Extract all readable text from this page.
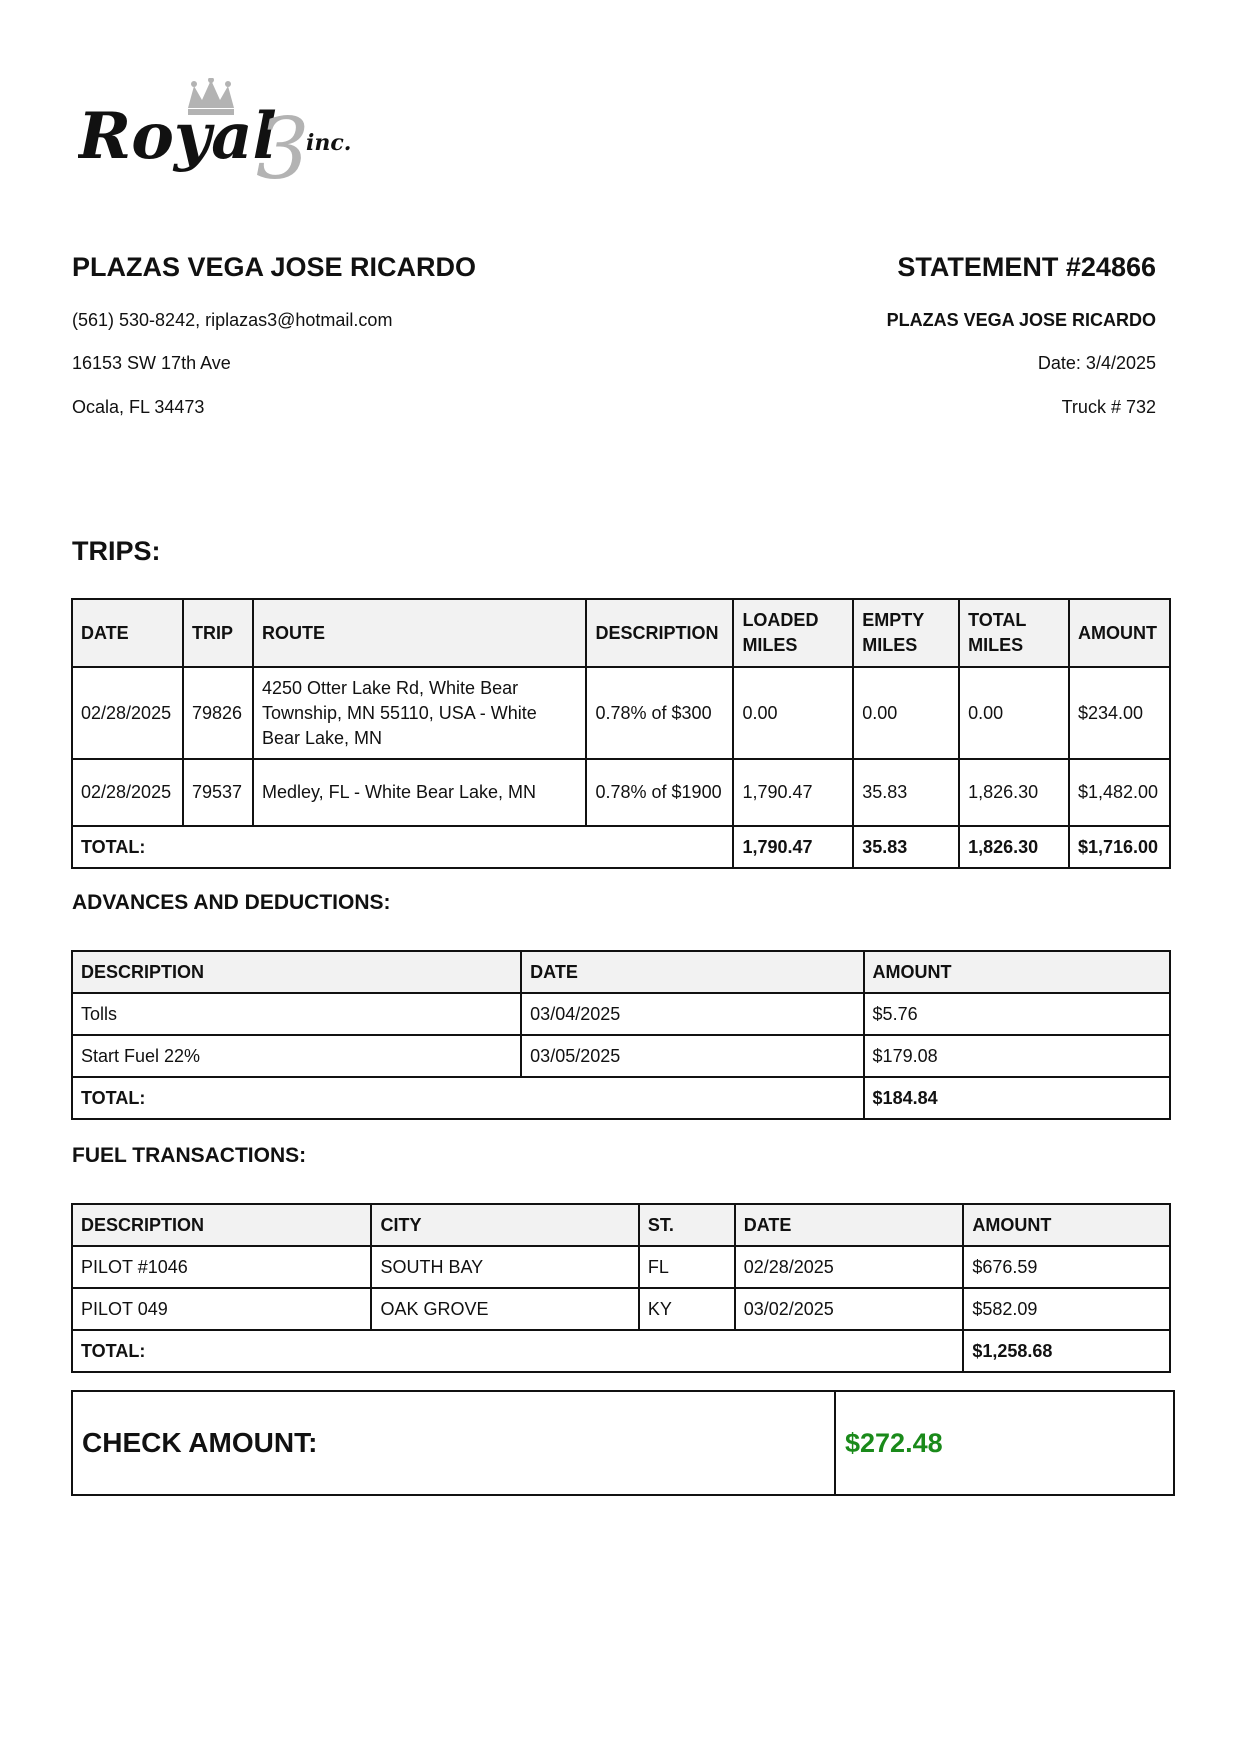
Royal
3
inc.
PLAZAS VEGA JOSE RICARDO
(561) 530-8242, riplazas3@hotmail.com
16153 SW 17th Ave
Ocala, FL 34473
STATEMENT #24866
PLAZAS VEGA JOSE RICARDO
Date: 3/4/2025
Truck # 732
TRIPS:
DATE	TRIP	ROUTE	DESCRIPTION	LOADED MILES	EMPTY MILES	TOTAL MILES	AMOUNT
02/28/2025	79826	4250 Otter Lake Rd, White Bear Township, MN 55110, USA - White Bear Lake, MN	0.78% of $300	0.00	0.00	0.00	$234.00
02/28/2025	79537	Medley, FL - White Bear Lake, MN	0.78% of $1900	1,790.47	35.83	1,826.30	$1,482.00
TOTAL:				1,790.47	35.83	1,826.30	$1,716.00
ADVANCES AND DEDUCTIONS:
DESCRIPTION	DATE	AMOUNT
Tolls	03/04/2025	$5.76
Start Fuel 22%	03/05/2025	$179.08
TOTAL:		$184.84
FUEL TRANSACTIONS:
DESCRIPTION	CITY	ST.	DATE	AMOUNT
PILOT #1046	SOUTH BAY	FL	02/28/2025	$676.59
PILOT 049	OAK GROVE	KY	03/02/2025	$582.09
TOTAL:				$1,258.68
CHECK AMOUNT:	$272.48
